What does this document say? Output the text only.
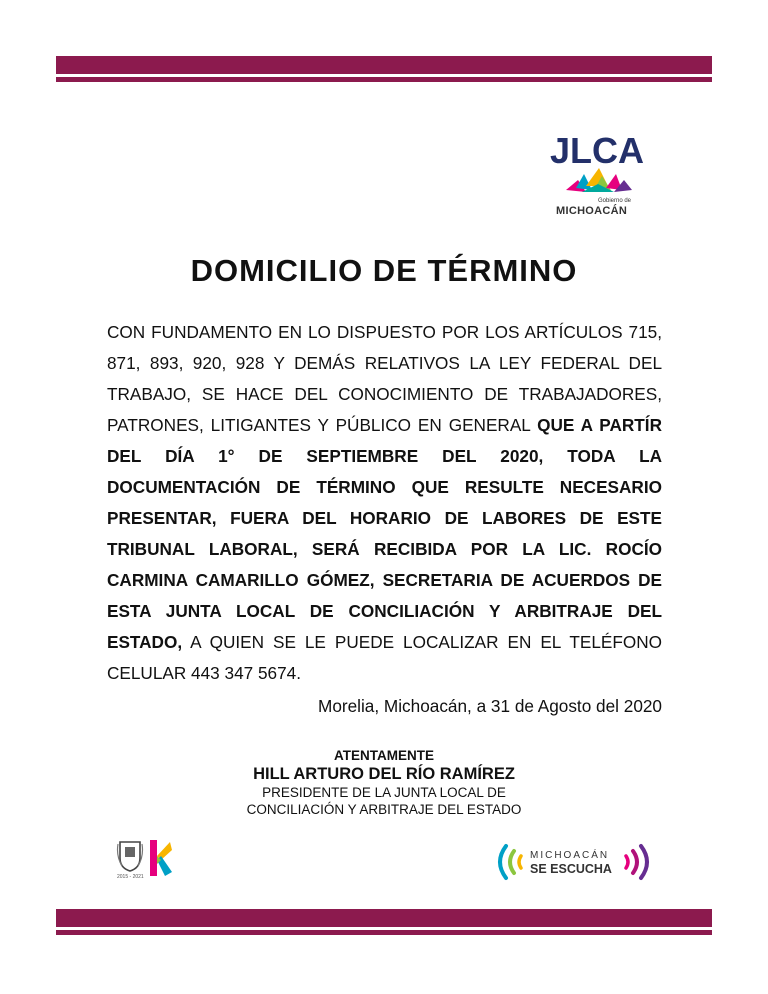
JLCA
Gobierno de
MICHOACÁN
DOMICILIO DE TÉRMINO

CON FUNDAMENTO EN LO DISPUESTO POR LOS ARTÍCULOS 715, 871, 893, 920, 928 Y DEMÁS RELATIVOS LA LEY FEDERAL DEL TRABAJO, SE HACE DEL CONOCIMIENTO DE TRABAJADORES, PATRONES, LITIGANTES Y PÚBLICO EN GENERAL QUE A PARTÍR DEL DÍA 1° DE SEPTIEMBRE DEL 2020, TODA LA DOCUMENTACIÓN DE TÉRMINO QUE RESULTE NECESARIO PRESENTAR, FUERA DEL HORARIO DE LABORES DE ESTE TRIBUNAL LABORAL, SERÁ RECIBIDA POR LA LIC. ROCÍO CARMINA CAMARILLO GÓMEZ, SECRETARIA DE ACUERDOS DE ESTA JUNTA LOCAL DE CONCILIACIÓN Y ARBITRAJE DEL ESTADO, A QUIEN SE LE PUEDE LOCALIZAR EN EL TELÉFONO CELULAR 443 347 5674.

Morelia, Michoacán, a 31 de Agosto del 2020
ATENTAMENTE
HILL ARTURO DEL RÍO RAMÍREZ
PRESIDENTE DE LA JUNTA LOCAL DE
CONCILIACIÓN Y ARBITRAJE DEL ESTADO
2015 - 2021
MICHOACÁN
SE ESCUCHA
